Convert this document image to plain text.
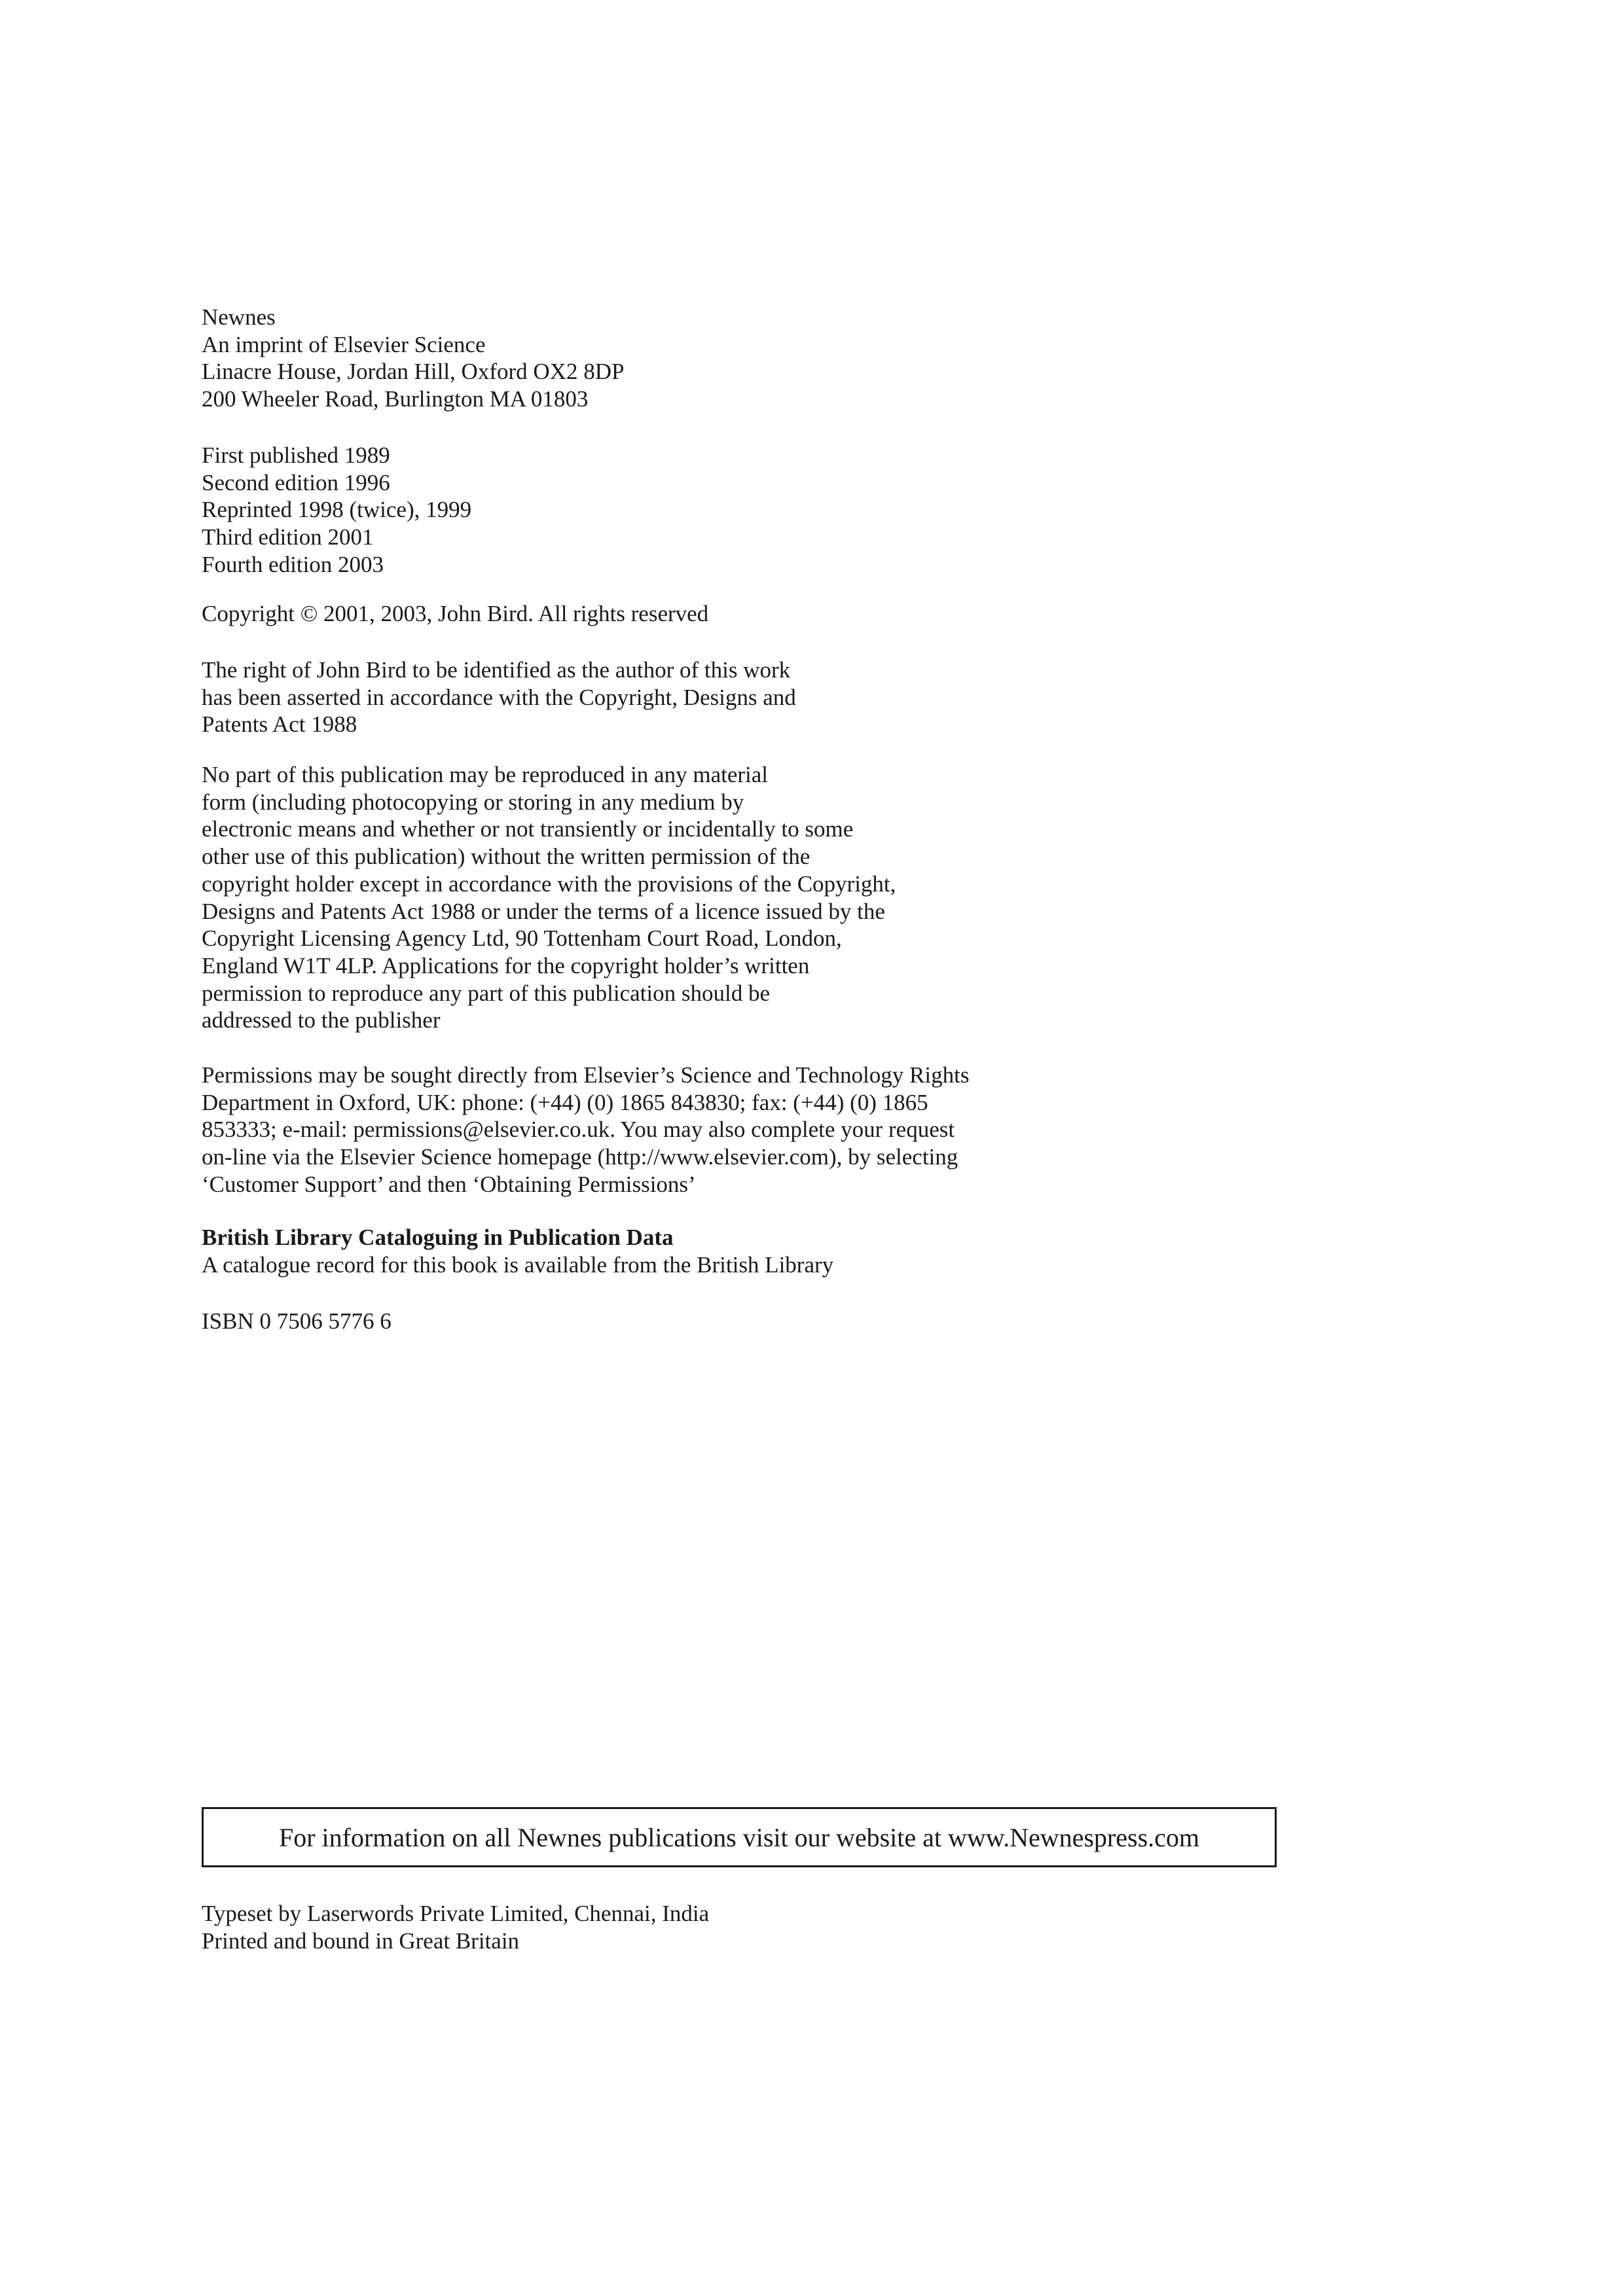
Newnes
An imprint of Elsevier Science
Linacre House, Jordan Hill, Oxford OX2 8DP
200 Wheeler Road, Burlington MA 01803
First published 1989
Second edition 1996
Reprinted 1998 (twice), 1999
Third edition 2001
Fourth edition 2003
Copyright © 2001, 2003, John Bird. All rights reserved
The right of John Bird to be identified as the author of this work
has been asserted in accordance with the Copyright, Designs and
Patents Act 1988
No part of this publication may be reproduced in any material
form (including photocopying or storing in any medium by
electronic means and whether or not transiently or incidentally to some
other use of this publication) without the written permission of the
copyright holder except in accordance with the provisions of the Copyright,
Designs and Patents Act 1988 or under the terms of a licence issued by the
Copyright Licensing Agency Ltd, 90 Tottenham Court Road, London,
England W1T 4LP. Applications for the copyright holder’s written
permission to reproduce any part of this publication should be
addressed to the publisher
Permissions may be sought directly from Elsevier’s Science and Technology Rights
Department in Oxford, UK: phone: (+44) (0) 1865 843830; fax: (+44) (0) 1865
853333; e-mail: permissions@elsevier.co.uk. You may also complete your request
on-line via the Elsevier Science homepage (http://www.elsevier.com), by selecting
‘Customer Support’ and then ‘Obtaining Permissions’
British Library Cataloguing in Publication Data
A catalogue record for this book is available from the British Library
ISBN 0 7506 5776 6
For information on all Newnes publications visit our website at www.Newnespress.com
Typeset by Laserwords Private Limited, Chennai, India
Printed and bound in Great Britain
